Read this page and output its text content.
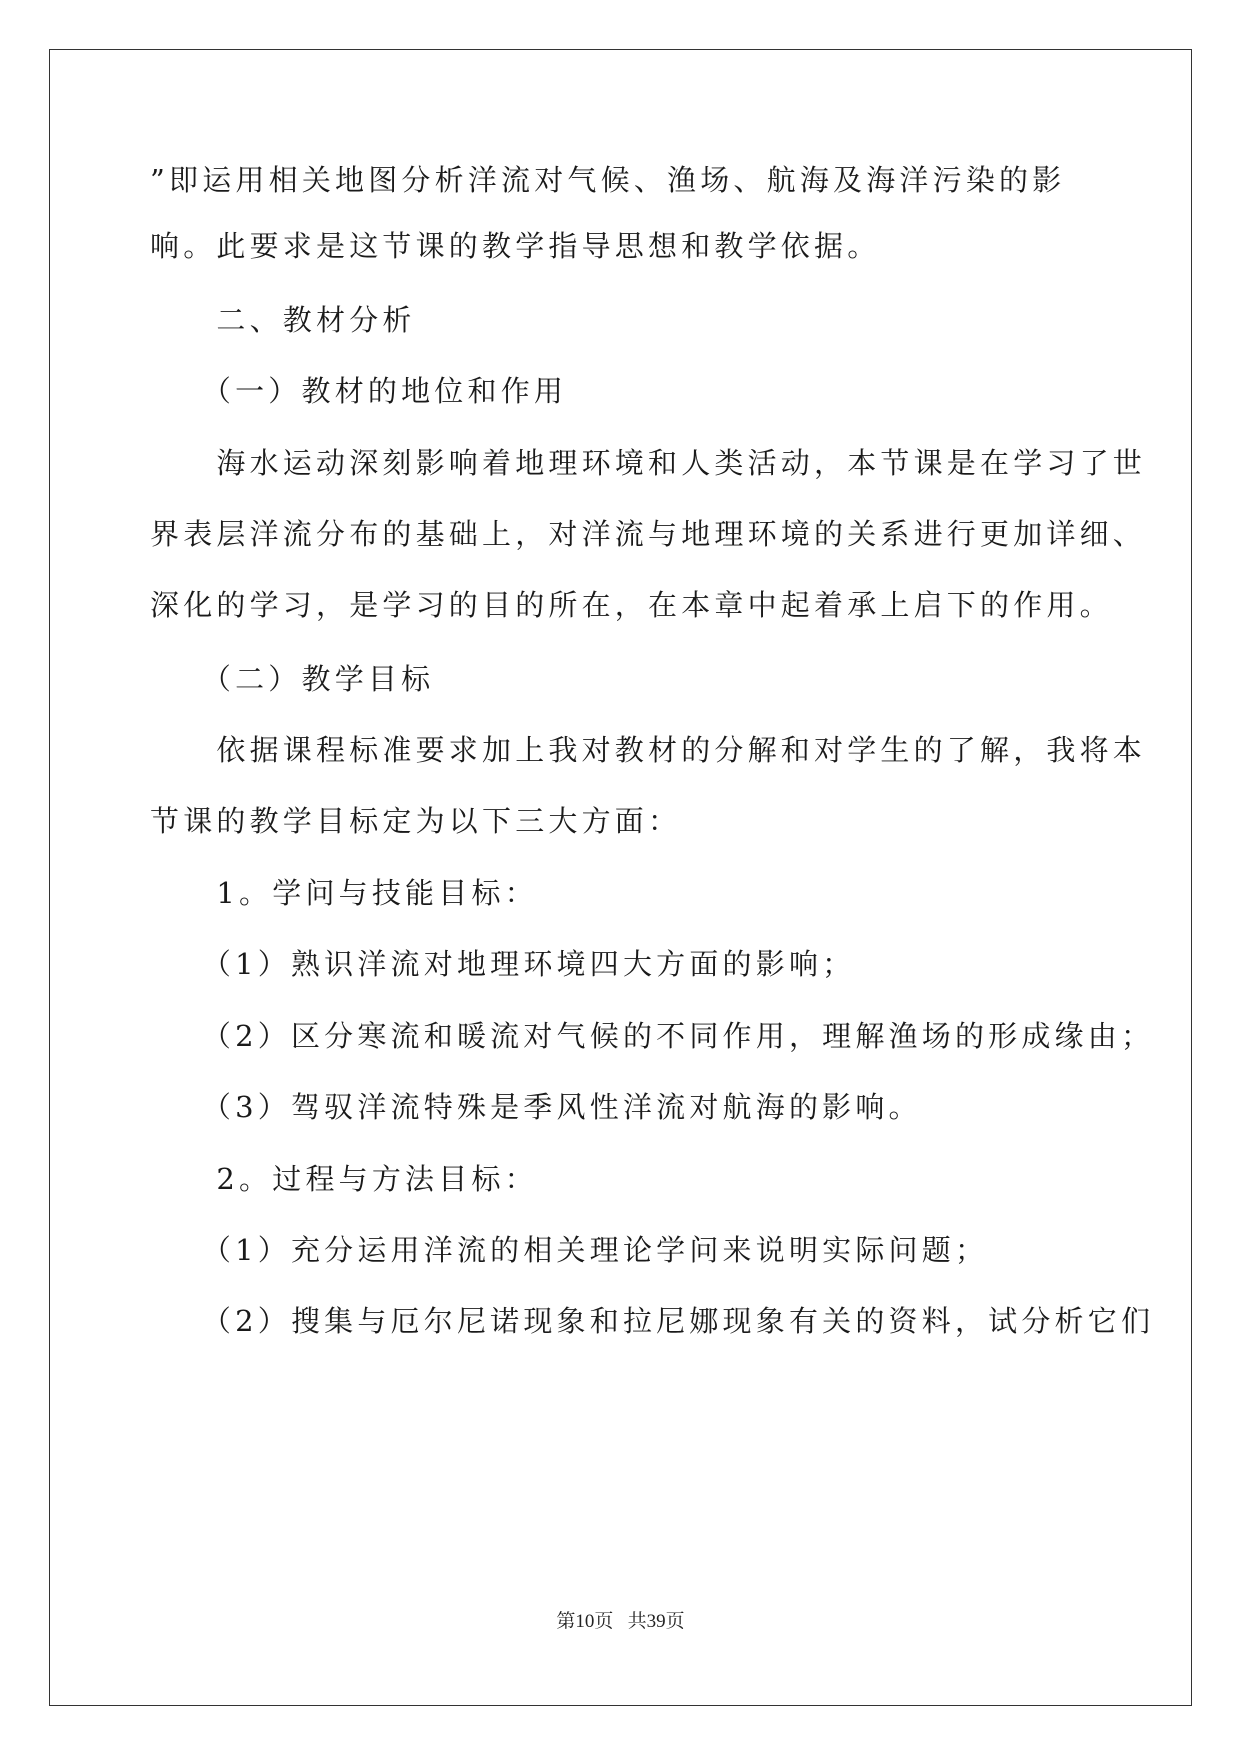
”即运用相关地图分析洋流对气候、渔场、航海及海洋污染的影
响。此要求是这节课的教学指导思想和教学依据。
　　二、教材分析
　　（一）教材的地位和作用
　　海水运动深刻影响着地理环境和人类活动，本节课是在学习了世
界表层洋流分布的基础上，对洋流与地理环境的关系进行更加详细、
深化的学习，是学习的目的所在，在本章中起着承上启下的作用。
　　（二）教学目标
　　依据课程标准要求加上我对教材的分解和对学生的了解，我将本
节课的教学目标定为以下三大方面：
　　1。学问与技能目标：
　　（1）熟识洋流对地理环境四大方面的影响；
　　（2）区分寒流和暖流对气候的不同作用，理解渔场的形成缘由；
　　（3）驾驭洋流特殊是季风性洋流对航海的影响。
　　2。过程与方法目标：
　　（1）充分运用洋流的相关理论学问来说明实际问题；
　　（2）搜集与厄尔尼诺现象和拉尼娜现象有关的资料，试分析它们
第10页 共39页
